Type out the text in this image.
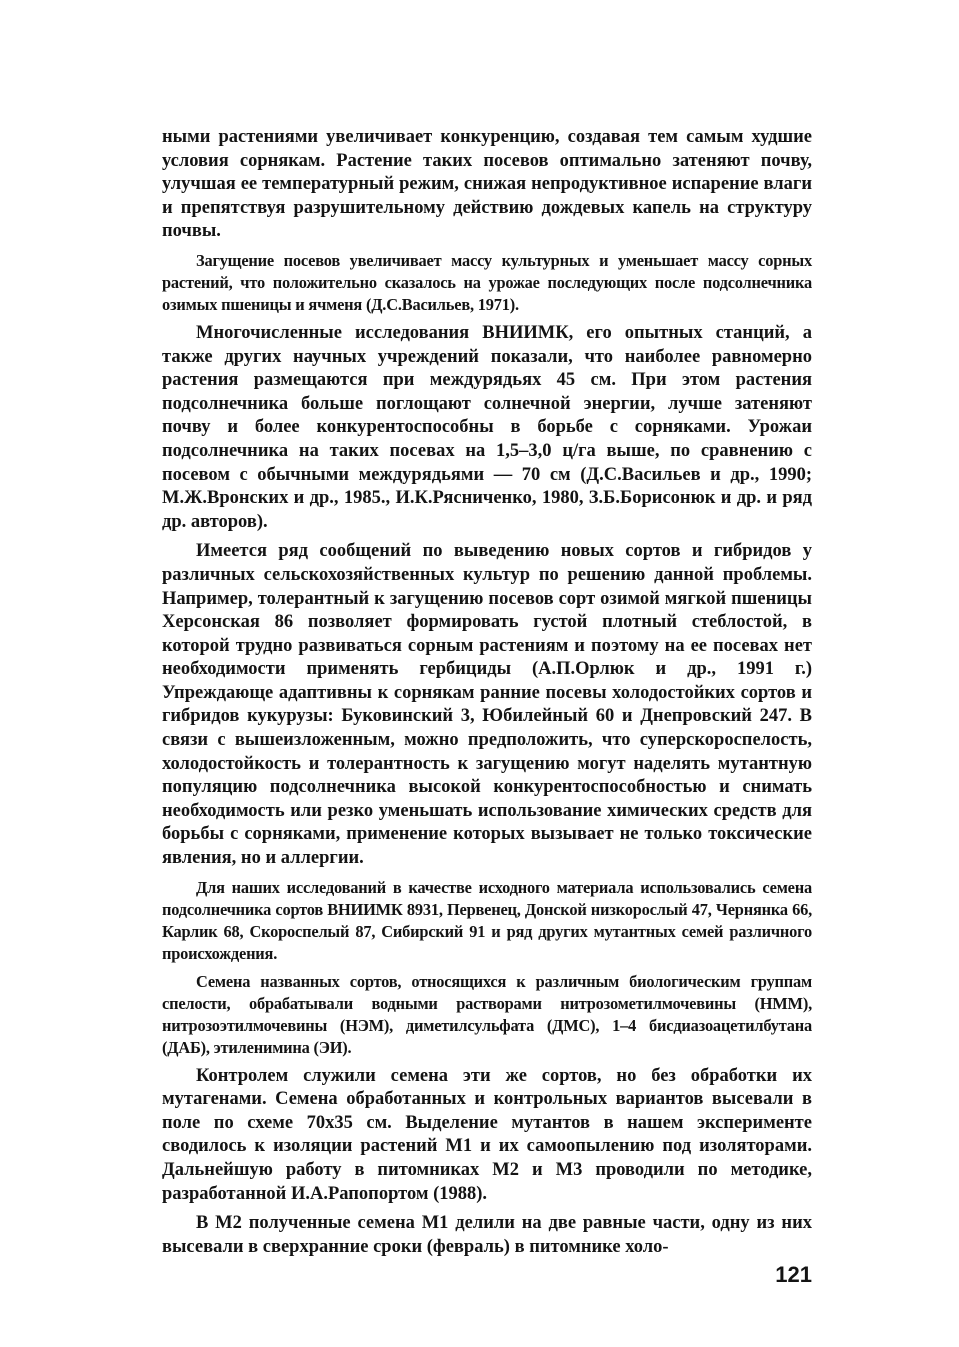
ными растениями увеличивает конкуренцию, создавая тем самым худшие условия сорнякам. Растение таких посевов оптимально затеняют почву, улучшая ее температурный режим, снижая непродуктивное испарение влаги и препятствуя разрушительному действию дождевых капель на структуру почвы.

Загущение посевов увеличивает массу культурных и уменьшает массу сорных растений, что положительно сказалось на урожае последующих после подсолнечника озимых пшеницы и ячменя (Д.С.Васильев, 1971).

Многочисленные исследования ВНИИМК, его опытных станций, а также других научных учреждений показали, что наиболее равномерно растения размещаются при междурядьях 45 см. При этом растения подсолнечника больше поглощают солнечной энергии, лучше затеняют почву и более конкурентоспособны в борьбе с сорняками. Урожаи подсолнечника на таких посевах на 1,5–3,0 ц/га выше, по сравнению с посевом с обычными междурядьями — 70 см (Д.С.Васильев и др., 1990; М.Ж.Вронских и др., 1985., И.К.Рясниченко, 1980, З.Б.Борисонюк и др. и ряд др. авторов).

Имеется ряд сообщений по выведению новых сортов и гибридов у различных сельскохозяйственных культур по решению данной проблемы. Например, толерантный к загущению посевов сорт озимой мягкой пшеницы Херсонская 86 позволяет формировать густой плотный стеблостой, в которой трудно развиваться сорным растениям и поэтому на ее посевах нет необходимости применять гербициды (А.П.Орлюк и др., 1991 г.) Упреждающе адаптивны к сорнякам ранние посевы холодостойких сортов и гибридов кукурузы: Буковинский 3, Юбилейный 60 и Днепровский 247. В связи с вышеизложенным, можно предположить, что суперскороспелость, холодостойкость и толерантность к загущению могут наделять мутантную популяцию подсолнечника высокой конкурентоспособностью и снимать необходимость или резко уменьшать использование химических средств для борьбы с сорняками, применение которых вызывает не только токсические явления, но и аллергии.

Для наших исследований в качестве исходного материала использовались семена подсолнечника сортов ВНИИМК 8931, Первенец, Донской низкорослый 47, Чернянка 66, Карлик 68, Скороспелый 87, Сибирский 91 и ряд других мутантных семей различного происхождения.

Семена названных сортов, относящихся к различным биологическим группам спелости, обрабатывали водными растворами нитрозометилмочевины (НММ), нитрозоэтилмочевины (НЭМ), диметилсульфата (ДМС), 1–4 бисдиазоацетилбутана (ДАБ), этиленимина (ЭИ).

Контролем служили семена эти же сортов, но без обработки их мутагенами. Семена обработанных и контрольных вариантов высевали в поле по схеме 70х35 см. Выделение мутантов в нашем эксперименте сводилось к изоляции растений М1 и их самоопылению под изоляторами. Дальнейшую работу в питомниках М2 и М3 проводили по методике, разработанной И.А.Рапопортом (1988).

В М2 полученные семена М1 делили на две равные части, одну из них высевали в сверхранние сроки (февраль) в питомнике холо-

121
